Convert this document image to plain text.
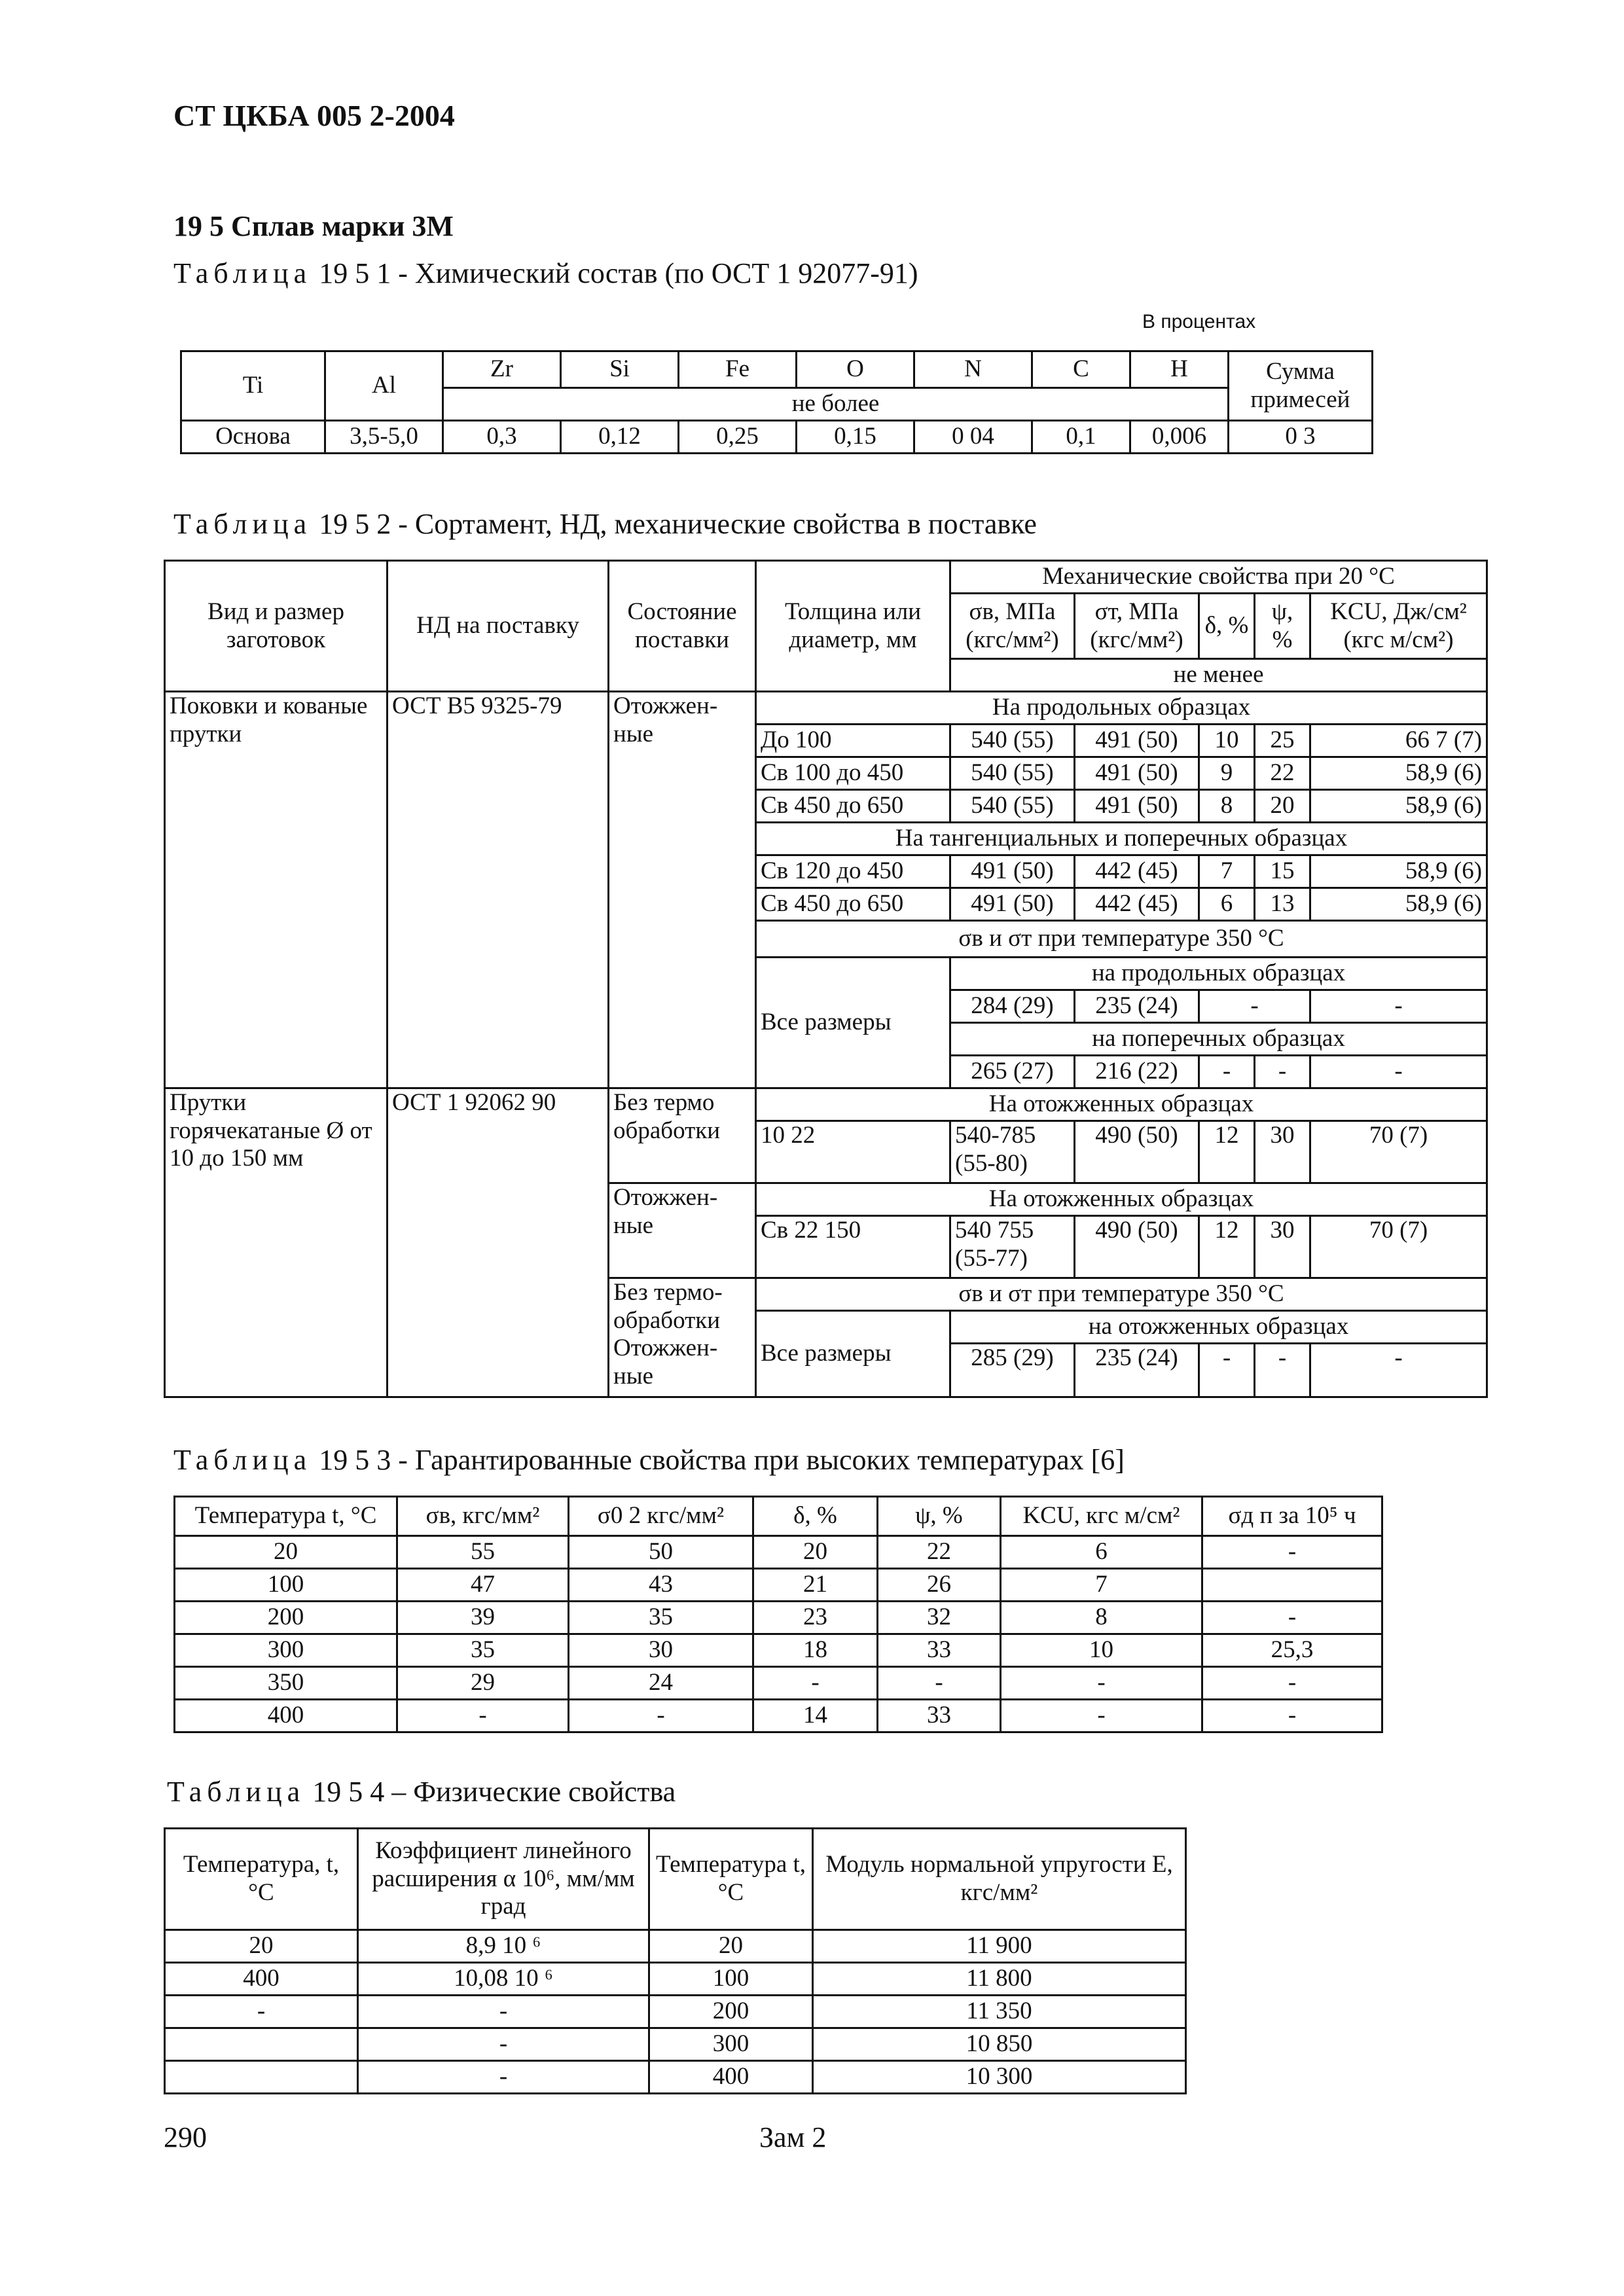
СТ ЦКБА 005 2-2004
19 5 Сплав марки 3М
Таблица 19 5 1 - Химический состав (по ОСТ 1 92077-91)
В процентах
Ti	Al	Zr	Si	Fe	O	N	C	H	Сумма примесей
		не более							
Основа	3,5-5,0	0,3	0,12	0,25	0,15	0 04	0,1	0,006	0 3
Таблица 19 5 2 - Сортамент, НД, механические свойства в поставке
Вид и размер заготовок	НД на поставку	Состояние поставки	Толщина или диаметр, мм	Механические свойства при 20 °С				
				σв, МПа (кгс/мм²)	σт, МПа (кгс/мм²)	δ, %	ψ, %	KCU, Дж/см² (кгс м/см²)
				не менее				
Поковки и кованые прутки	ОСТ В5 9325-79	Отожжен-ные	На продольных образцах					
			До 100	540 (55)	491 (50)	10	25	66 7 (7)
			Св 100 до 450	540 (55)	491 (50)	9	22	58,9 (6)
			Св 450 до 650	540 (55)	491 (50)	8	20	58,9 (6)
			На тангенциальных и поперечных образцах					
			Св 120 до 450	491 (50)	442 (45)	7	15	58,9 (6)
			Св 450 до 650	491 (50)	442 (45)	6	13	58,9 (6)
			σв и σт при температуре 350 °С					
			Все размеры	на продольных образцах				
				284 (29)	235 (24)	-		-
				на поперечных образцах				
				265 (27)	216 (22)	-	-	-
Прутки горячекатаные Ø от 10 до 150 мм	ОСТ 1 92062 90	Без термо обработки	На отожженных образцах					
			10 22	540-785 (55-80)	490 (50)	12	30	70 (7)
		Отожжен-ные	На отожженных образцах					
			Св 22 150	540 755 (55-77)	490 (50)	12	30	70 (7)
		Без термо-обработки Отожжен-ные	σв и σт при температуре 350 °С					
			Все размеры	на отожженных образцах				
				285 (29)	235 (24)	-	-	-

Таблица 19 5 3 - Гарантированные свойства при высоких температурах [6]
Температура t, °С	σв, кгс/мм²	σ0 2 кгс/мм²	δ, %	ψ, %	KCU, кгс м/см²	σд п за 10⁵ ч
20	55	50	20	22	6	-
100	47	43	21	26	7	
200	39	35	23	32	8	-
300	35	30	18	33	10	25,3
350	29	24	-	-	-	-
400	-	-	14	33	-	-
Таблица 19 5 4 – Физические свойства
Температура, t, °С	Коэффициент линейного расширения α 10⁶, мм/мм град	Температура t, °С	Модуль нормальной упругости Е, кгс/мм²
20	8,9 10 ⁶	20	11 900
400	10,08 10 ⁶	100	11 800
-	-	200	11 350
	-	300	10 850
	-	400	10 300
290	Зам 2
